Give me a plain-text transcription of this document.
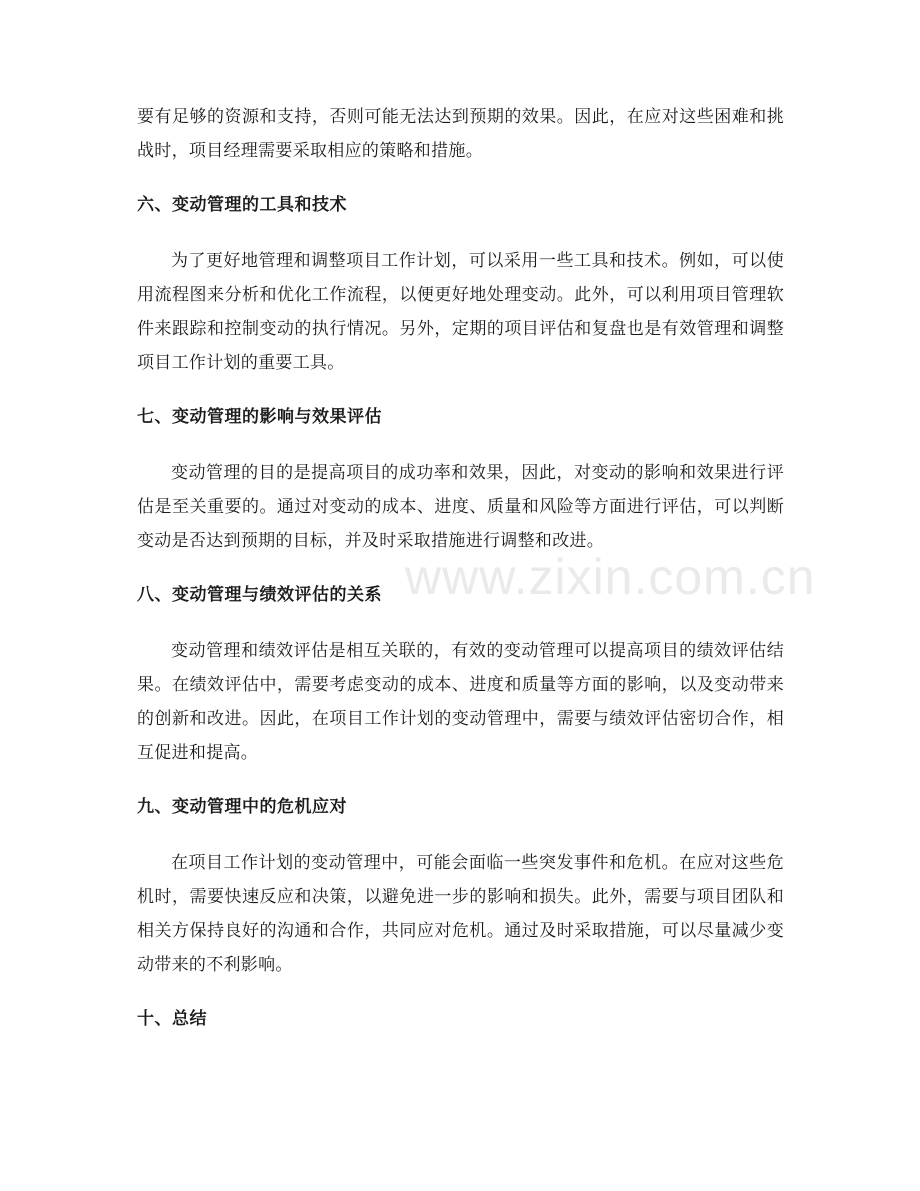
要有足够的资源和支持，否则可能无法达到预期的效果。因此，在应对这些困难和挑战时，项目经理需要采取相应的策略和措施。

六、变动管理的工具和技术

为了更好地管理和调整项目工作计划，可以采用一些工具和技术。例如，可以使用流程图来分析和优化工作流程，以便更好地处理变动。此外，可以利用项目管理软件来跟踪和控制变动的执行情况。另外，定期的项目评估和复盘也是有效管理和调整项目工作计划的重要工具。

七、变动管理的影响与效果评估

变动管理的目的是提高项目的成功率和效果，因此，对变动的影响和效果进行评估是至关重要的。通过对变动的成本、进度、质量和风险等方面进行评估，可以判断变动是否达到预期的目标，并及时采取措施进行调整和改进。

八、变动管理与绩效评估的关系

变动管理和绩效评估是相互关联的，有效的变动管理可以提高项目的绩效评估结果。在绩效评估中，需要考虑变动的成本、进度和质量等方面的影响，以及变动带来的创新和改进。因此，在项目工作计划的变动管理中，需要与绩效评估密切合作，相互促进和提高。

九、变动管理中的危机应对

在项目工作计划的变动管理中，可能会面临一些突发事件和危机。在应对这些危机时，需要快速反应和决策，以避免进一步的影响和损失。此外，需要与项目团队和相关方保持良好的沟通和合作，共同应对危机。通过及时采取措施，可以尽量减少变动带来的不利影响。

十、总结
www.zixin.com.cn
